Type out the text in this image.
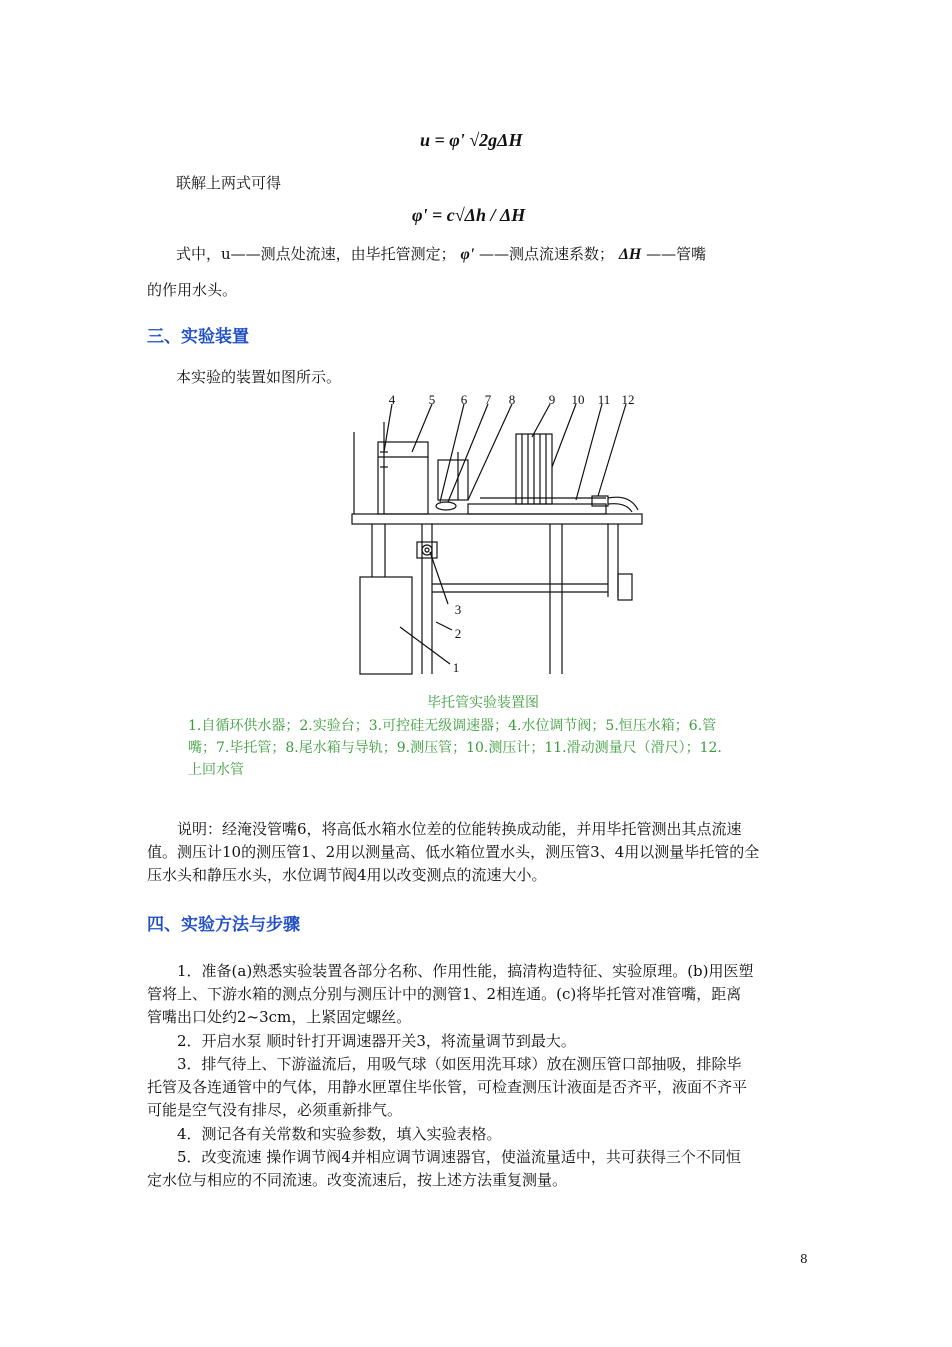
u = φ' √2gΔH
联解上两式可得
φ' = c√Δh / ΔH
式中，u——测点处流速，由毕托管测定； φ' ——测点流速系数； ΔH ——管嘴
的作用水头。
三、实验装置
本实验的装置如图所示。
4	5 6 7 8	9 10 11 12
3
2
1
毕托管实验装置图
1.自循环供水器；2.实验台；3.可控硅无级调速器；4.水位调节阀；5.恒压水箱；6.管
嘴；7.毕托管；8.尾水箱与导轨；9.测压管；10.测压计；11.滑动测量尺（滑尺）；12.
上回水管
说明：经淹没管嘴6，将高低水箱水位差的位能转换成动能，并用毕托管测出其点流速
值。测压计10的测压管1、2用以测量高、低水箱位置水头，测压管3、4用以测量毕托管的全
压水头和静压水头，水位调节阀4用以改变测点的流速大小。
四、实验方法与步骤
1．准备(a)熟悉实验装置各部分名称、作用性能，搞清构造特征、实验原理。(b)用医塑
管将上、下游水箱的测点分别与测压计中的测管1、2相连通。(c)将毕托管对准管嘴，距离
管嘴出口处约2~3cm，上紧固定螺丝。
2．开启水泵 顺时针打开调速器开关3，将流量调节到最大。
3．排气待上、下游溢流后，用吸气球（如医用洗耳球）放在测压管口部抽吸，排除毕
托管及各连通管中的气体，用静水匣罩住毕伥管，可检查测压计液面是否齐平，液面不齐平
可能是空气没有排尽，必须重新排气。
4．测记各有关常数和实验参数，填入实验表格。
5．改变流速 操作调节阀4并相应调节调速器官，使溢流量适中，共可获得三个不同恒
定水位与相应的不同流速。改变流速后，按上述方法重复测量。
8
